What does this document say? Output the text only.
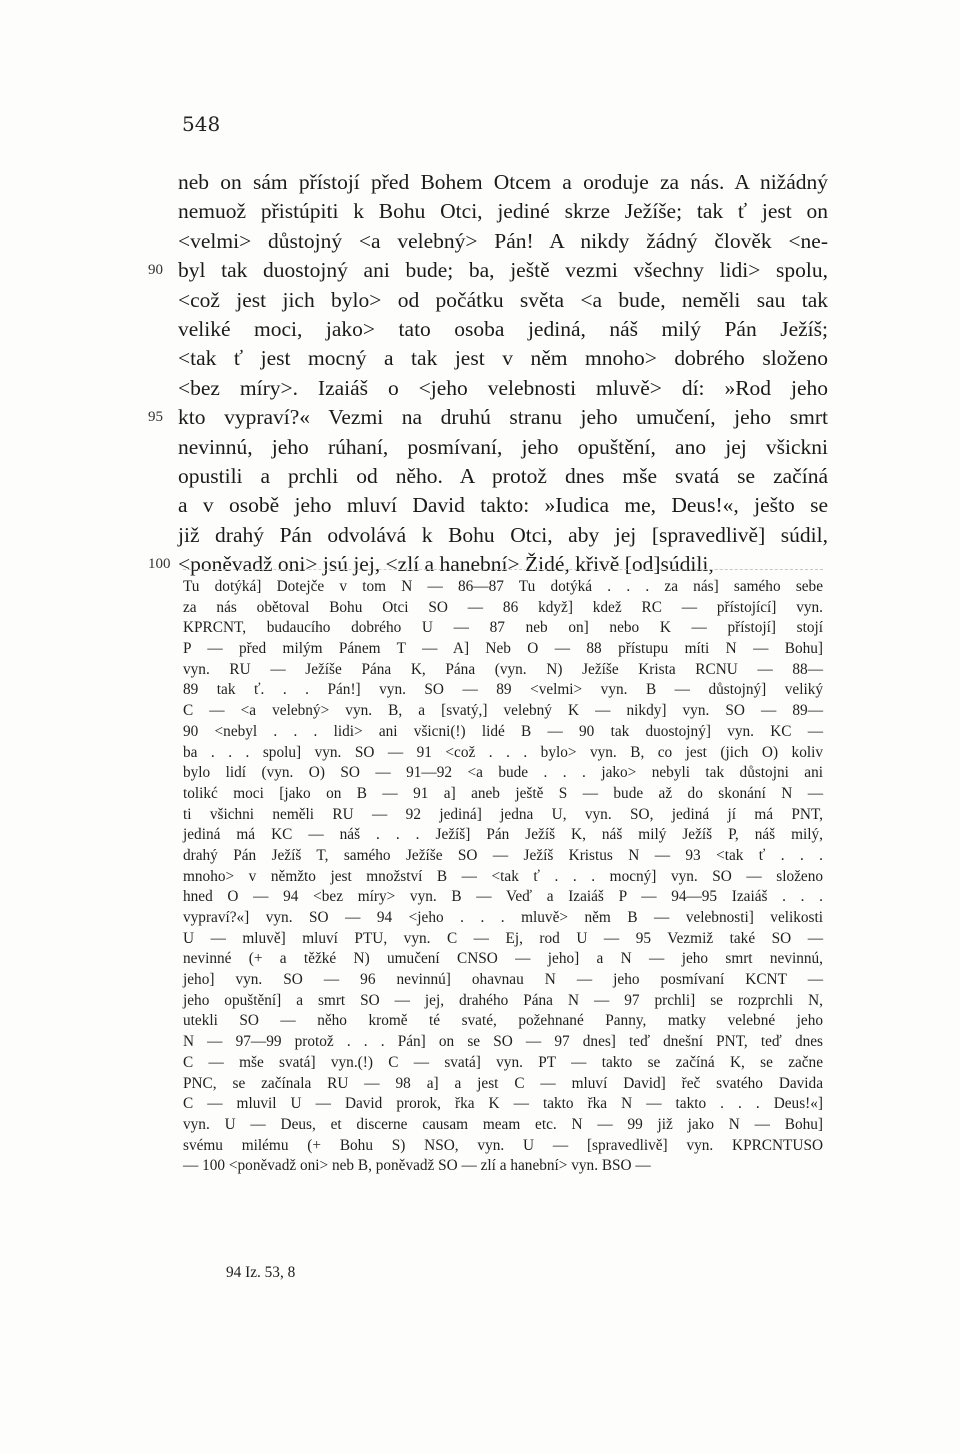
548
neb on sám přístojí před Bohem Otcem a oroduje za nás. A nižádný
nemuož přistúpiti k Bohu Otci, jediné skrze Ježíše; tak ť jest on
<velmi> důstojný <a velebný> Pán! A nikdy žádný člověk <ne-
90 byl tak duostojný ani bude; ba, ještě vezmi všechny lidi> spolu,
<což jest jich bylo> od počátku světa <a bude, neměli sau tak
veliké moci, jako> tato osoba jediná, náš milý Pán Ježíš;
<tak ť jest mocný a tak jest v něm mnoho> dobrého složeno
<bez míry>. Izaiáš o <jeho velebnosti mluvě> dí: »Rod jeho
95 kto vypraví?« Vezmi na druhú stranu jeho umučení, jeho smrt
nevinnú, jeho rúhaní, posmívaní, jeho opuštění, ano jej všickni
opustili a prchli od něho. A protož dnes mše svatá se začíná
a v osobě jeho mluví David takto: »Iudica me, Deus!«, ješto se
již drahý Pán odvolává k Bohu Otci, aby jej [spravedlivě] súdil,
100 <poněvadž oni> jsú jej, <zlí a hanební> Židé, křivě [od]súdili,
Tu dotýká] Dotejče v tom N — 86—87 Tu dotýká . . . za nás] samého sebe
za nás obětoval Bohu Otci SO — 86 když] kdež RC — přístojící] vyn.
KPRCNT, budaucího dobrého U — 87 neb on] nebo K — přístojí] stojí
P — před milým Pánem T — A] Neb O — 88 přístupu míti N — Bohu]
vyn. RU — Ježíše Pána K, Pána (vyn. N) Ježíše Krista RCNU — 88—
89 tak ť. . . Pán!] vyn. SO — 89 <velmi> vyn. B — důstojný] veliký
C — <a velebný> vyn. B, a [svatý,] velebný K — nikdy] vyn. SO — 89—
90 <nebyl . . . lidi> ani všicni(!) lidé B — 90 tak duostojný] vyn. KC —
ba . . . spolu] vyn. SO — 91 <což . . . bylo> vyn. B, co jest (jich O) koliv
bylo lidí (vyn. O) SO — 91—92 <a bude . . . jako> nebyli tak důstojni ani
tolikć moci [jako on B — 91 a] aneb ještě S — bude až do skonání N —
ti všichni neměli RU — 92 jediná] jedna U, vyn. SO, jediná jí má PNT,
jediná má KC — náš . . . Ježíš] Pán Ježíš K, náš milý Ježíš P, náš milý,
drahý Pán Ježíš T, samého Ježíše SO — Ježíš Kristus N — 93 <tak ť . . .
mnoho> v němžto jest množství B — <tak ť . . . mocný] vyn. SO — složeno
hned O — 94 <bez míry> vyn. B — Veď a Izaiáš P — 94—95 Izaiáš . . .
vypraví?«] vyn. SO — 94 <jeho . . . mluvě> něm B — velebnosti] velikosti
U — mluvě] mluví PTU, vyn. C — Ej, rod U — 95 Vezmiž také SO —
nevinné (+ a těžké N) umučení CNSO — jeho] a N — jeho smrt nevinnú,
jeho] vyn. SO — 96 nevinnú] ohavnau N — jeho posmívaní KCNT —
jeho opuštění] a smrt SO — jej, drahého Pána N — 97 prchli] se rozprchli N,
utekli SO — něho kromě té svaté, požehnané Panny, matky velebné jeho
N — 97—99 protož . . . Pán] on se SO — 97 dnes] teď dnešní PNT, teď dnes
C — mše svatá] vyn.(!) C — svatá] vyn. PT — takto se začíná K, se začne
PNC, se začínala RU — 98 a] a jest C — mluví David] řeč svatého Davida
C — mluvil U — David prorok, řka K — takto řka N — takto . . . Deus!«]
vyn. U — Deus, et discerne causam meam etc. N — 99 již jako N — Bohu]
svému milému (+ Bohu S) NSO, vyn. U — [spravedlivě] vyn. KPRCNTUSO
— 100 <poněvadž oni> neb B, poněvadž SO — zlí a hanební> vyn. BSO —
94 Iz. 53, 8
